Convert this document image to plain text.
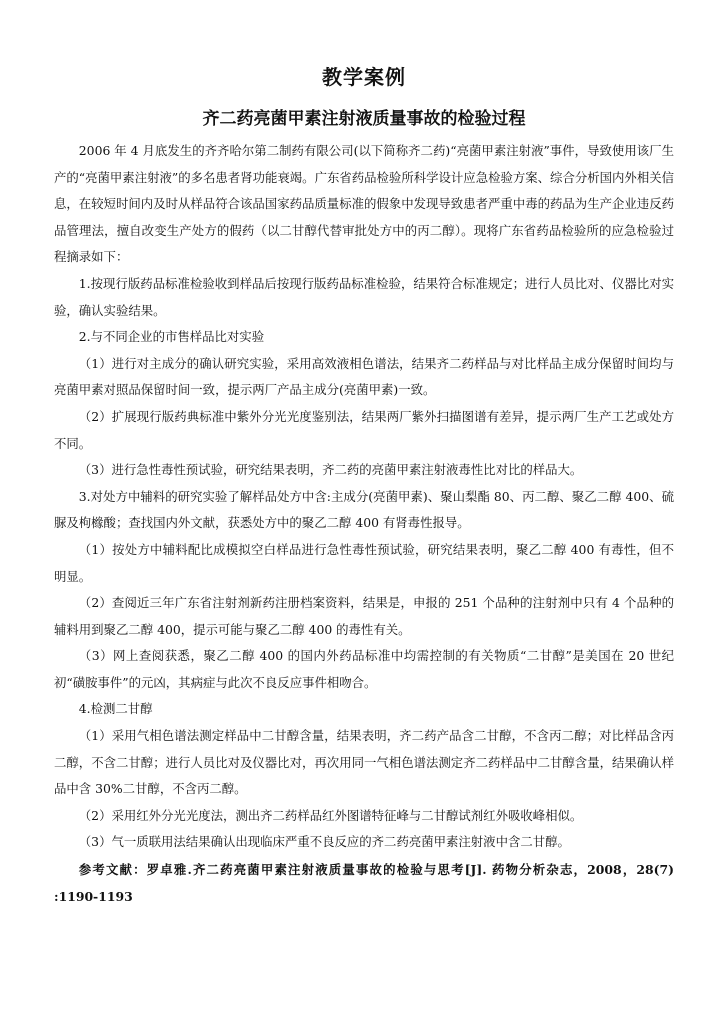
教学案例
齐二药亮菌甲素注射液质量事故的检验过程

2006 年 4 月底发生的齐齐哈尔第二制药有限公司(以下简称齐二药)“亮菌甲素注射液”事件，导致使用该厂生产的“亮菌甲素注射液”的多名患者肾功能衰竭。广东省药品检验所科学设计应急检验方案、综合分析国内外相关信息，在较短时间内及时从样品符合该品国家药品质量标准的假象中发现导致患者严重中毒的药品为生产企业违反药品管理法，擅自改变生产处方的假药（以二甘醇代替审批处方中的丙二醇）。现将广东省药品检验所的应急检验过程摘录如下：

1.按现行版药品标准检验收到样品后按现行版药品标准检验，结果符合标准规定；进行人员比对、仪器比对实验，确认实验结果。

2.与不同企业的市售样品比对实验

（1）进行对主成分的确认研究实验，采用高效液相色谱法，结果齐二药样品与对比样品主成分保留时间均与亮菌甲素对照品保留时间一致，提示两厂产品主成分(亮菌甲素)一致。

（2）扩展现行版药典标准中紫外分光光度鉴别法，结果两厂紫外扫描图谱有差异，提示两厂生产工艺或处方不同。

（3）进行急性毒性预试验，研究结果表明，齐二药的亮菌甲素注射液毒性比对比的样品大。

3.对处方中辅料的研究实验了解样品处方中含:主成分(亮菌甲素)、聚山梨酯 80、丙二醇、聚乙二醇 400、硫脲及枸橼酸；查找国内外文献，获悉处方中的聚乙二醇 400 有肾毒性报导。

（1）按处方中辅料配比成模拟空白样品进行急性毒性预试验，研究结果表明，聚乙二醇 400 有毒性，但不明显。

（2）查阅近三年广东省注射剂新药注册档案资料，结果是，申报的 251 个品种的注射剂中只有 4 个品种的辅料用到聚乙二醇 400，提示可能与聚乙二醇 400 的毒性有关。

（3）网上查阅获悉，聚乙二醇 400 的国内外药品标准中均需控制的有关物质“二甘醇”是美国在 20 世纪初“磺胺事件”的元凶，其病症与此次不良反应事件相吻合。

4.检测二甘醇

（1）采用气相色谱法测定样品中二甘醇含量，结果表明，齐二药产品含二甘醇，不含丙二醇；对比样品含丙二醇，不含二甘醇；进行人员比对及仪器比对，再次用同一气相色谱法测定齐二药样品中二甘醇含量，结果确认样品中含 30%二甘醇，不含丙二醇。

（2）采用红外分光光度法，测出齐二药样品红外图谱特征峰与二甘醇试剂红外吸收峰相似。

（3）气一质联用法结果确认出现临床严重不良反应的齐二药亮菌甲素注射液中含二甘醇。

参考文献：罗卓雅.齐二药亮菌甲素注射液质量事故的检验与思考[J]. 药物分析杂志，2008，28(7) :1190-1193
